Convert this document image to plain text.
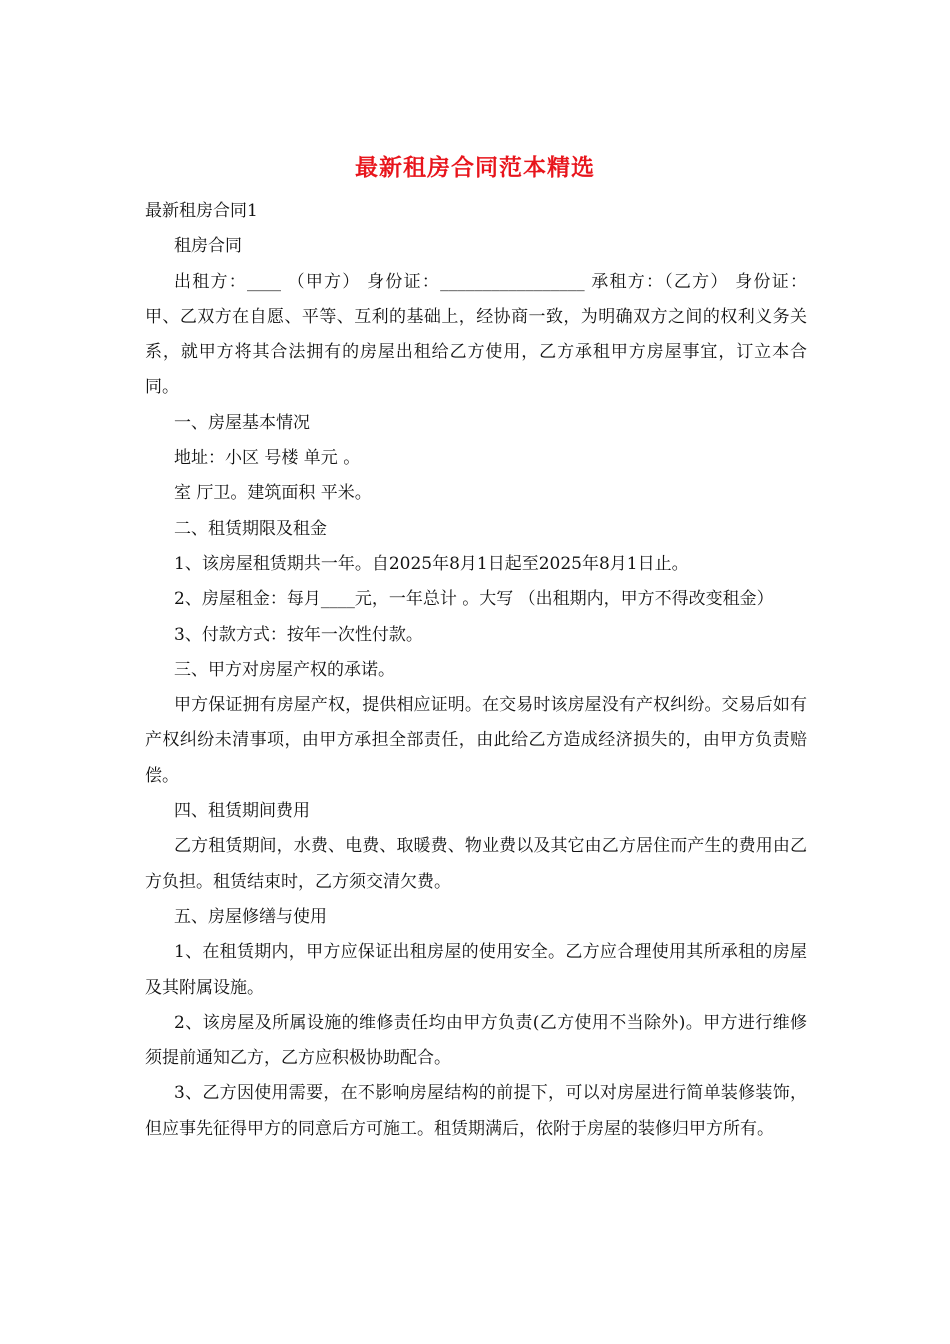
最新租房合同范本精选

最新租房合同1

租房合同

出租方：____ （甲方） 身份证：_________________ 承租方：（乙方） 身份证：甲、乙双方在自愿、平等、互利的基础上，经协商一致，为明确双方之间的权利义务关系，就甲方将其合法拥有的房屋出租给乙方使用，乙方承租甲方房屋事宜，订立本合同。

一、房屋基本情况

地址：小区 号楼 单元 。

室 厅卫。建筑面积 平米。

二、租赁期限及租金

1、该房屋租赁期共一年。自2025年8月1日起至2025年8月1日止。

2、房屋租金：每月____元，一年总计 。大写 （出租期内，甲方不得改变租金）

3、付款方式：按年一次性付款。

三、甲方对房屋产权的承诺。

甲方保证拥有房屋产权，提供相应证明。在交易时该房屋没有产权纠纷。交易后如有产权纠纷未清事项，由甲方承担全部责任，由此给乙方造成经济损失的，由甲方负责赔偿。

四、租赁期间费用

乙方租赁期间，水费、电费、取暖费、物业费以及其它由乙方居住而产生的费用由乙方负担。租赁结束时，乙方须交清欠费。

五、房屋修缮与使用

1、在租赁期内，甲方应保证出租房屋的使用安全。乙方应合理使用其所承租的房屋及其附属设施。

2、该房屋及所属设施的维修责任均由甲方负责(乙方使用不当除外)。甲方进行维修须提前通知乙方，乙方应积极协助配合。

3、乙方因使用需要，在不影响房屋结构的前提下，可以对房屋进行简单装修装饰，但应事先征得甲方的同意后方可施工。租赁期满后，依附于房屋的装修归甲方所有。
